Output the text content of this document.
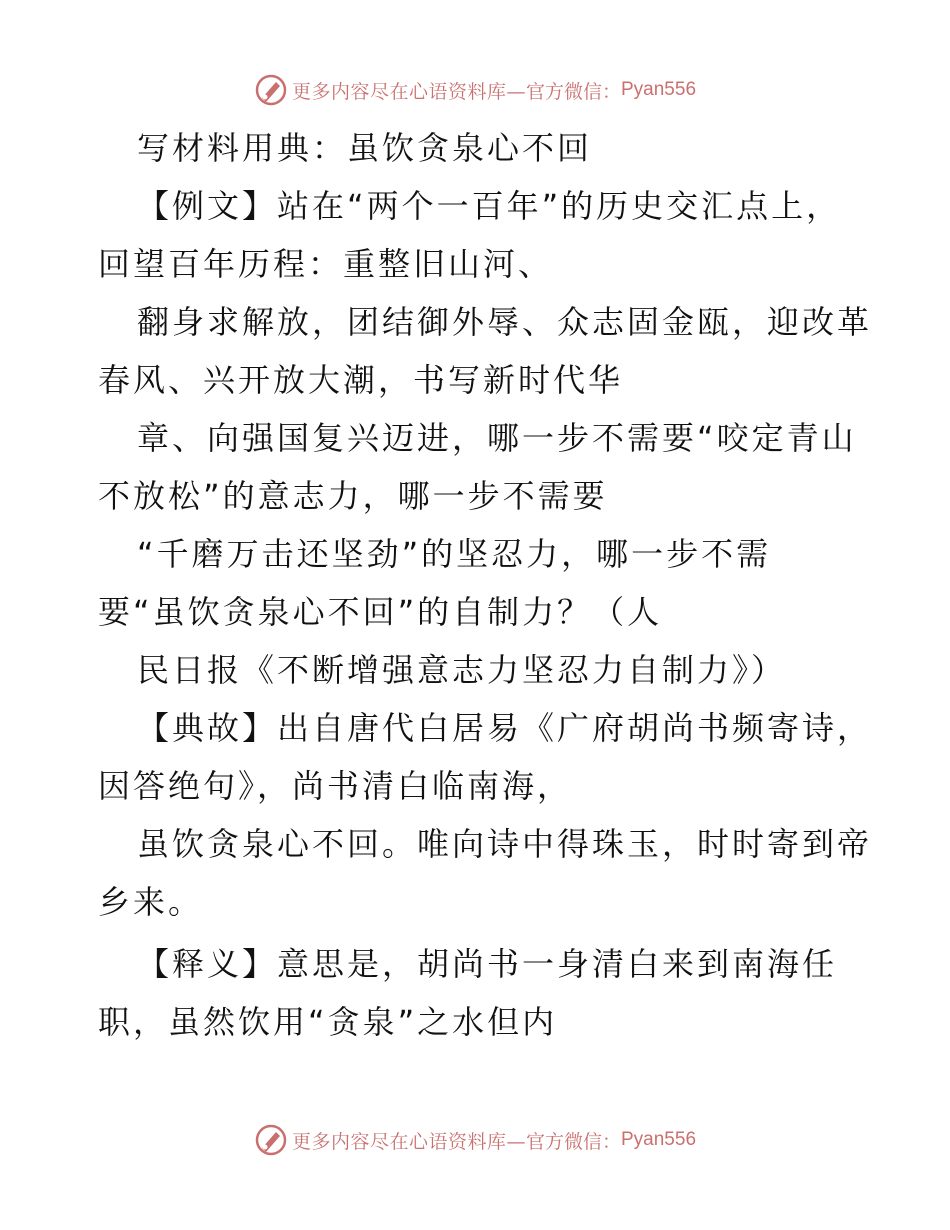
更多内容尽在心语资料库— 官方微信： Pyan556
写材料用典：虽饮贪泉心不回
【例文】站在“两个一百年”的历史交汇点上，
回望百年历程：重整旧山河、
翻身求解放，团结御外辱、众志固金瓯，迎改革
春风、兴开放大潮，书写新时代华
章、向强国复兴迈进，哪一步不需要“咬定青山
不放松”的意志力，哪一步不需要
“千磨万击还坚劲”的坚忍力，哪一步不需
要“虽饮贪泉心不回”的自制力？（人
民日报《不断增强意志力坚忍力自制力》）
【典故】出自唐代白居易《广府胡尚书频寄诗，
因答绝句》，尚书清白临南海，
虽饮贪泉心不回。唯向诗中得珠玉，时时寄到帝
乡来。
【释义】意思是，胡尚书一身清白来到南海任
职，虽然饮用“贪泉”之水但内
更多内容尽在心语资料库— 官方微信： Pyan556
